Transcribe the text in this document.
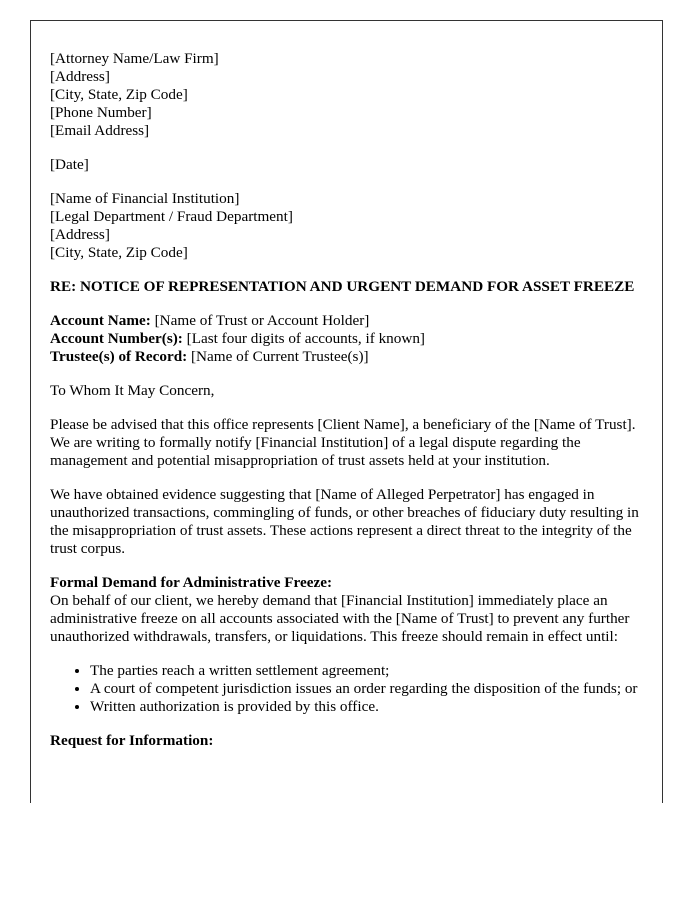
[Attorney Name/Law Firm]
[Address]
[City, State, Zip Code]
[Phone Number]
[Email Address]

[Date]

[Name of Financial Institution]
[Legal Department / Fraud Department]
[Address]
[City, State, Zip Code]

RE: NOTICE OF REPRESENTATION AND URGENT DEMAND FOR ASSET FREEZE

Account Name: [Name of Trust or Account Holder]
Account Number(s): [Last four digits of accounts, if known]
Trustee(s) of Record: [Name of Current Trustee(s)]

To Whom It May Concern,

Please be advised that this office represents [Client Name], a beneficiary of the [Name of Trust]. We are writing to formally notify [Financial Institution] of a legal dispute regarding the management and potential misappropriation of trust assets held at your institution.

We have obtained evidence suggesting that [Name of Alleged Perpetrator] has engaged in unauthorized transactions, commingling of funds, or other breaches of fiduciary duty resulting in the misappropriation of trust assets. These actions represent a direct threat to the integrity of the trust corpus.

Formal Demand for Administrative Freeze:
On behalf of our client, we hereby demand that [Financial Institution] immediately place an administrative freeze on all accounts associated with the [Name of Trust] to prevent any further unauthorized withdrawals, transfers, or liquidations. This freeze should remain in effect until:

• The parties reach a written settlement agreement;
• A court of competent jurisdiction issues an order regarding the disposition of the funds; or
• Written authorization is provided by this office.

Request for Information:
